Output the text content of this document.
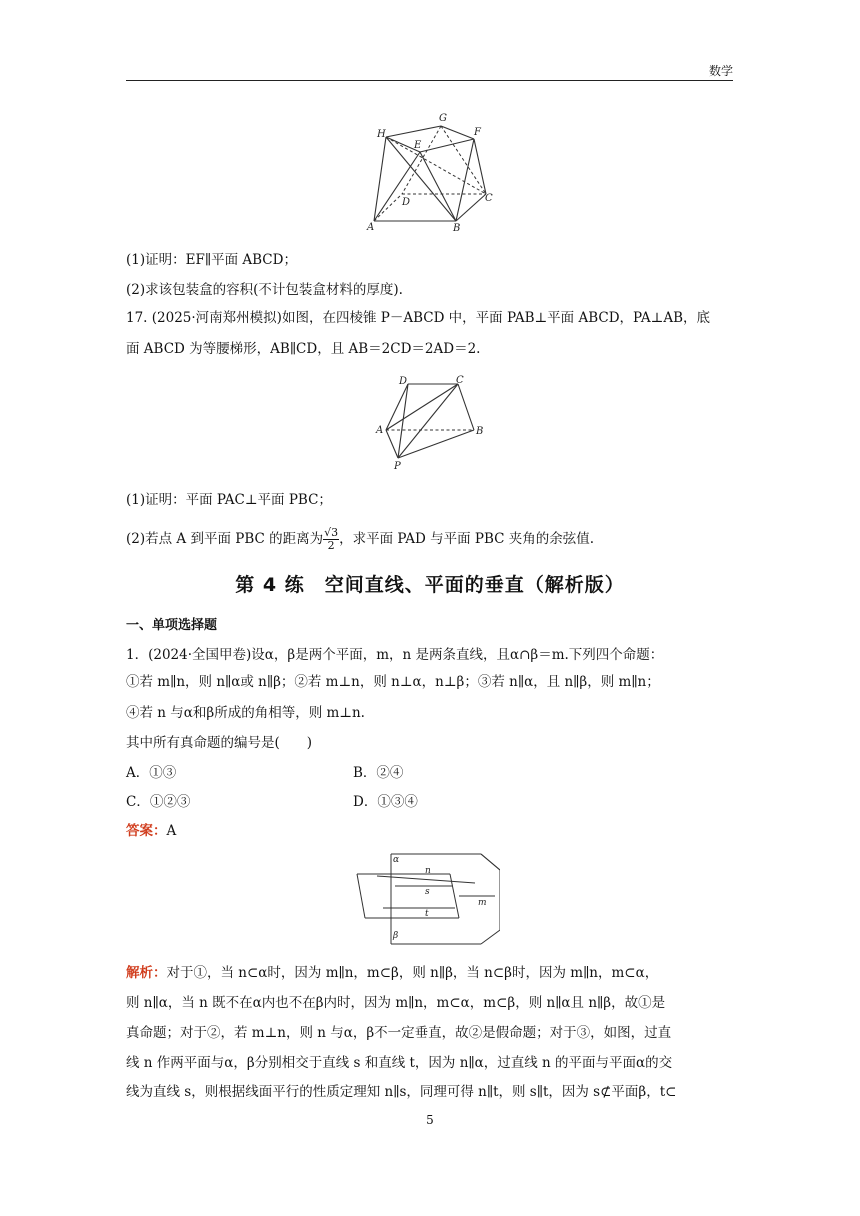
数学
H
G
F
E
D	C
A	B
(1)证明：EF∥平面 ABCD；
(2)求该包装盒的容积(不计包装盒材料的厚度).
17. (2025·河南郑州模拟)如图，在四棱锥 P－ABCD 中，平面 PAB⊥平面 ABCD，PA⊥AB，底
面 ABCD 为等腰梯形，AB∥CD，且 AB＝2CD＝2AD＝2.
D	C
A	B
P
(1)证明：平面 PAC⊥平面 PBC；
(2)若点 A 到平面 PBC 的距离为 $\frac{√3}{2}$ ，求平面 PAD 与平面 PBC 夹角的余弦值.
第 4 练　空间直线、平面的垂直（解析版）
一、单项选择题
1．(2024·全国甲卷)设α，β是两个平面，m，n 是两条直线，且α∩β＝m.下列四个命题：
①若 m∥n，则 n∥α或 n∥β；②若 m⊥n，则 n⊥α，n⊥β；③若 n∥α，且 n∥β，则 m∥n；
④若 n 与α和β所成的角相等，则 m⊥n.
其中所有真命题的编号是(　　)
A．①③	B．②④
C．①②③	D．①③④
答案：A
α
n
s
m
t
β
解析：对于①，当 n⊂α时，因为 m∥n，m⊂β，则 n∥β，当 n⊂β时，因为 m∥n，m⊂α，
则 n∥α，当 n 既不在α内也不在β内时，因为 m∥n，m⊂α，m⊂β，则 n∥α且 n∥β，故①是
真命题；对于②，若 m⊥n，则 n 与α，β不一定垂直，故②是假命题；对于③，如图，过直
线 n 作两平面与α，β分别相交于直线 s 和直线 t，因为 n∥α，过直线 n 的平面与平面α的交
线为直线 s，则根据线面平行的性质定理知 n∥s，同理可得 n∥t，则 s∥t，因为 s⊄平面β，t⊂
5
